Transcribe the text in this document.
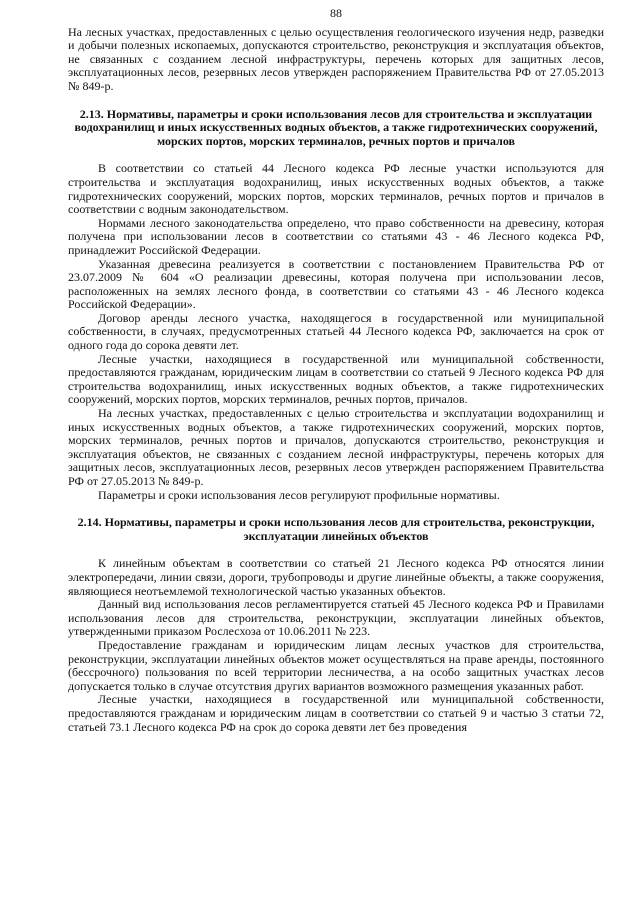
88

На лесных участках, предоставленных с целью осуществления геологического изучения недр, разведки и добычи полезных ископаемых, допускаются строительство, реконструкция и эксплуатация объектов, не связанных с созданием лесной инфраструктуры, перечень которых для защитных лесов, эксплуатационных лесов, резервных лесов утвержден распоряжением Правительства РФ от 27.05.2013 № 849-р.

2.13. Нормативы, параметры и сроки использования лесов для строительства и эксплуатации водохранилищ и иных искусственных водных объектов, а также гидротехнических сооружений, морских портов, морских терминалов, речных портов и причалов

В соответствии со статьей 44 Лесного кодекса РФ лесные участки используются для строительства и эксплуатация водохранилищ, иных искусственных водных объектов, а также гидротехнических сооружений, морских портов, морских терминалов, речных портов и причалов в соответствии с водным законодательством.

Нормами лесного законодательства определено, что право собственности на древесину, которая получена при использовании лесов в соответствии со статьями 43 - 46 Лесного кодекса РФ, принадлежит Российской Федерации.

Указанная древесина реализуется в соответствии с постановлением Правительства РФ от 23.07.2009 № 604 «О реализации древесины, которая получена при использовании лесов, расположенных на землях лесного фонда, в соответствии со статьями 43 - 46 Лесного кодекса Российской Федерации».

Договор аренды лесного участка, находящегося в государственной или муниципальной собственности, в случаях, предусмотренных статьей 44 Лесного кодекса РФ, заключается на срок от одного года до сорока девяти лет.

Лесные участки, находящиеся в государственной или муниципальной собственности, предоставляются гражданам, юридическим лицам в соответствии со статьей 9 Лесного кодекса РФ для строительства водохранилищ, иных искусственных водных объектов, а также гидротехнических сооружений, морских портов, морских терминалов, речных портов, причалов.

На лесных участках, предоставленных с целью строительства и эксплуатации водохранилищ и иных искусственных водных объектов, а также гидротехнических сооружений, морских портов, морских терминалов, речных портов и причалов, допускаются строительство, реконструкция и эксплуатация объектов, не связанных с созданием лесной инфраструктуры, перечень которых для защитных лесов, эксплуатационных лесов, резервных лесов утвержден распоряжением Правительства РФ от 27.05.2013 № 849-р.

Параметры и сроки использования лесов регулируют профильные нормативы.

2.14. Нормативы, параметры и сроки использования лесов для строительства, реконструкции, эксплуатации линейных объектов

К линейным объектам в соответствии со статьей 21 Лесного кодекса РФ относятся линии электропередачи, линии связи, дороги, трубопроводы и другие линейные объекты, а также сооружения, являющиеся неотъемлемой технологической частью указанных объектов.

Данный вид использования лесов регламентируется статьей 45 Лесного кодекса РФ и Правилами использования лесов для строительства, реконструкции, эксплуатации линейных объектов, утвержденными приказом Рослесхоза от 10.06.2011 № 223.

Предоставление гражданам и юридическим лицам лесных участков для строительства, реконструкции, эксплуатации линейных объектов может осуществляться на праве аренды, постоянного (бессрочного) пользования по всей территории лесничества, а на особо защитных участках лесов допускается только в случае отсутствия других вариантов возможного размещения указанных работ.

Лесные участки, находящиеся в государственной или муниципальной собственности, предоставляются гражданам и юридическим лицам в соответствии со статьей 9 и частью 3 статьи 72, статьей 73.1 Лесного кодекса РФ на срок до сорока девяти лет без проведения
